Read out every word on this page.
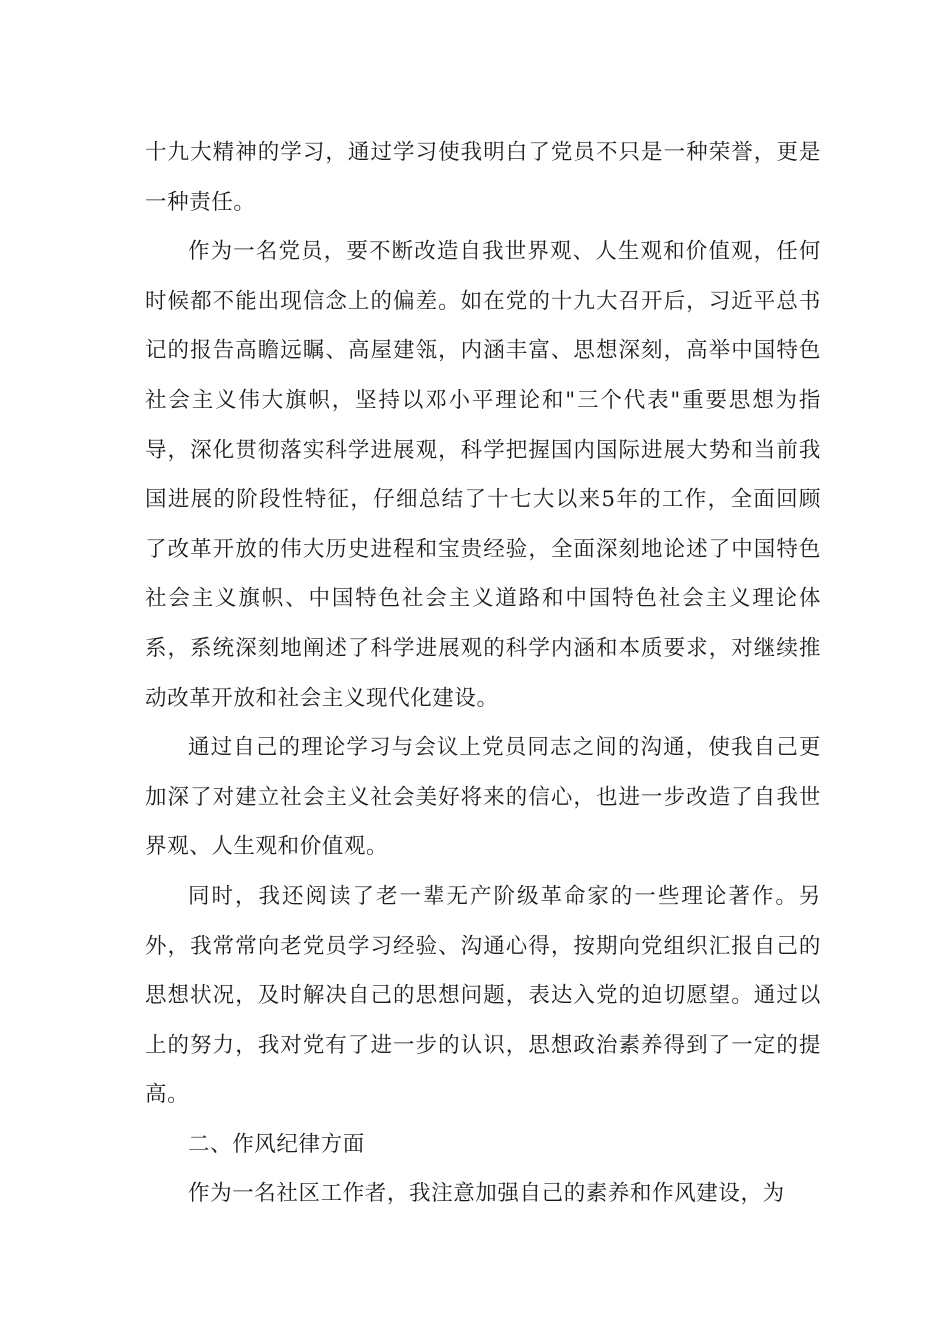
十九大精神的学习，通过学习使我明白了党员不只是一种荣誉，更是一种责任。

作为一名党员，要不断改造自我世界观、人生观和价值观，任何时候都不能出现信念上的偏差。如在党的十九大召开后，习近平总书记的报告高瞻远瞩、高屋建瓴，内涵丰富、思想深刻，高举中国特色社会主义伟大旗帜，坚持以邓小平理论和"三个代表"重要思想为指导，深化贯彻落实科学进展观，科学把握国内国际进展大势和当前我国进展的阶段性特征，仔细总结了十七大以来5年的工作，全面回顾了改革开放的伟大历史进程和宝贵经验，全面深刻地论述了中国特色社会主义旗帜、中国特色社会主义道路和中国特色社会主义理论体系，系统深刻地阐述了科学进展观的科学内涵和本质要求，对继续推动改革开放和社会主义现代化建设。

通过自己的理论学习与会议上党员同志之间的沟通，使我自己更加深了对建立社会主义社会美好将来的信心，也进一步改造了自我世界观、人生观和价值观。

同时，我还阅读了老一辈无产阶级革命家的一些理论著作。另外，我常常向老党员学习经验、沟通心得，按期向党组织汇报自己的思想状况，及时解决自己的思想问题，表达入党的迫切愿望。通过以上的努力，我对党有了进一步的认识，思想政治素养得到了一定的提高。

二、作风纪律方面

作为一名社区工作者，我注意加强自己的素养和作风建设，为
